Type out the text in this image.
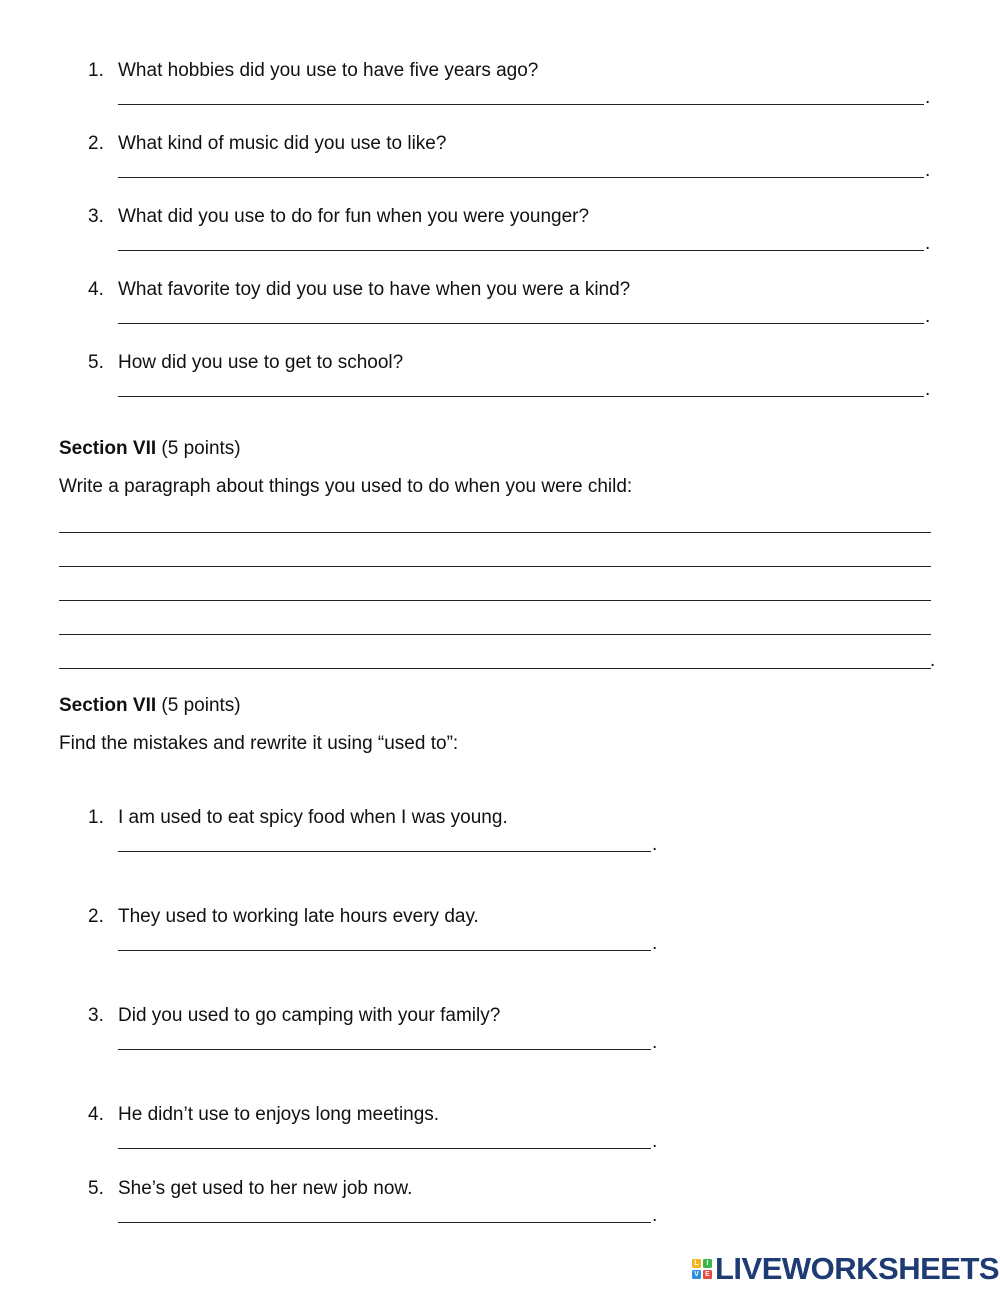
1. What hobbies did you use to have five years ago?
.
2. What kind of music did you use to like?
.
3. What did you use to do for fun when you were younger?
.
4. What favorite toy did you use to have when you were a kind?
.
5. How did you use to get to school?
.
Section VII (5 points)
Write a paragraph about things you used to do when you were child:
.
Section VII (5 points)
Find the mistakes and rewrite it using “used to”:
1. I am used to eat spicy food when I was young.
.
2. They used to working late hours every day.
.
3. Did you used to go camping with your family?
.
4. He didn’t use to enjoys long meetings.
.
5. She’s get used to her new job now.
.
L	I
V E LIVEWORKSHEETS
